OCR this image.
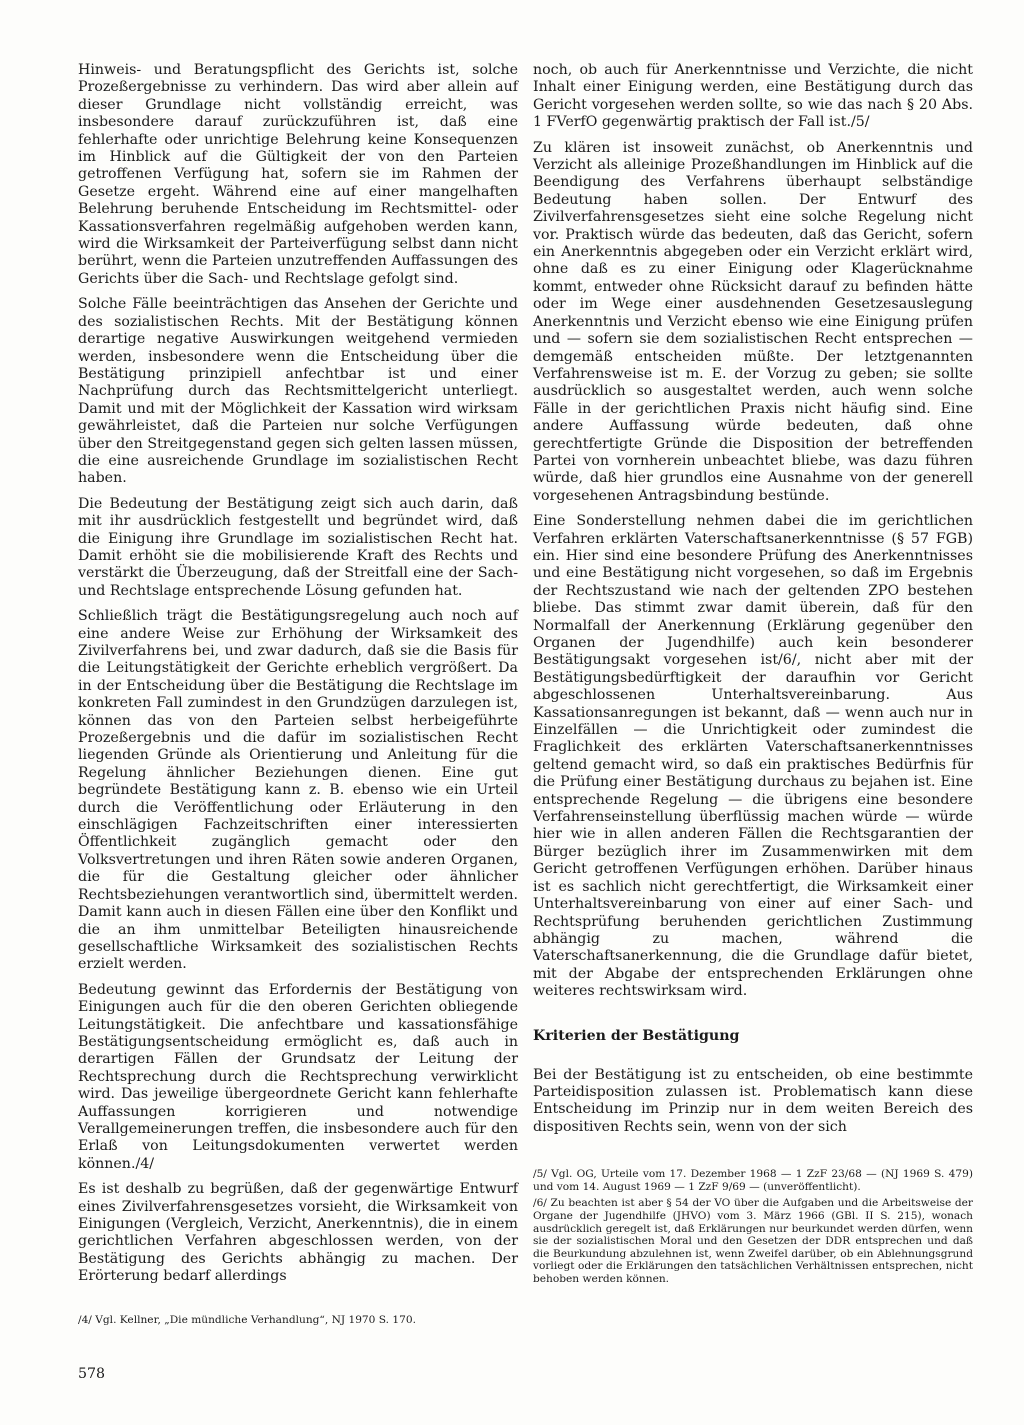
Hinweis- und Beratungspflicht des Gerichts ist, solche Prozeßergebnisse zu verhindern. Das wird aber allein auf dieser Grundlage nicht vollständig erreicht, was insbesondere darauf zurückzuführen ist, daß eine fehlerhafte oder unrichtige Belehrung keine Konsequenzen im Hinblick auf die Gültigkeit der von den Parteien getroffenen Verfügung hat, sofern sie im Rahmen der Gesetze ergeht. Während eine auf einer mangelhaften Belehrung beruhende Entscheidung im Rechtsmittel- oder Kassationsverfahren regelmäßig aufgehoben werden kann, wird die Wirksamkeit der Parteiverfügung selbst dann nicht berührt, wenn die Parteien unzutreffenden Auffassungen des Gerichts über die Sach- und Rechtslage gefolgt sind.

Solche Fälle beeinträchtigen das Ansehen der Gerichte und des sozialistischen Rechts. Mit der Bestätigung können derartige negative Auswirkungen weitgehend vermieden werden, insbesondere wenn die Entscheidung über die Bestätigung prinzipiell anfechtbar ist und einer Nachprüfung durch das Rechtsmittelgericht unterliegt. Damit und mit der Möglichkeit der Kassation wird wirksam gewährleistet, daß die Parteien nur solche Verfügungen über den Streitgegenstand gegen sich gelten lassen müssen, die eine ausreichende Grundlage im sozialistischen Recht haben.

Die Bedeutung der Bestätigung zeigt sich auch darin, daß mit ihr ausdrücklich festgestellt und begründet wird, daß die Einigung ihre Grundlage im sozialistischen Recht hat. Damit erhöht sie die mobilisierende Kraft des Rechts und verstärkt die Überzeugung, daß der Streitfall eine der Sach- und Rechtslage entsprechende Lösung gefunden hat.

Schließlich trägt die Bestätigungsregelung auch noch auf eine andere Weise zur Erhöhung der Wirksamkeit des Zivilverfahrens bei, und zwar dadurch, daß sie die Basis für die Leitungstätigkeit der Gerichte erheblich vergrößert. Da in der Entscheidung über die Bestätigung die Rechtslage im konkreten Fall zumindest in den Grundzügen darzulegen ist, können das von den Parteien selbst herbeigeführte Prozeßergebnis und die dafür im sozialistischen Recht liegenden Gründe als Orientierung und Anleitung für die Regelung ähnlicher Beziehungen dienen. Eine gut begründete Bestätigung kann z. B. ebenso wie ein Urteil durch die Veröffentlichung oder Erläuterung in den einschlägigen Fachzeitschriften einer interessierten Öffentlichkeit zugänglich gemacht oder den Volksvertretungen und ihren Räten sowie anderen Organen, die für die Gestaltung gleicher oder ähnlicher Rechtsbeziehungen verantwortlich sind, übermittelt werden. Damit kann auch in diesen Fällen eine über den Konflikt und die an ihm unmittelbar Beteiligten hinausreichende gesellschaftliche Wirksamkeit des sozialistischen Rechts erzielt werden.

Bedeutung gewinnt das Erfordernis der Bestätigung von Einigungen auch für die den oberen Gerichten obliegende Leitungstätigkeit. Die anfechtbare und kassationsfähige Bestätigungsentscheidung ermöglicht es, daß auch in derartigen Fällen der Grundsatz der Leitung der Rechtsprechung durch die Rechtsprechung verwirklicht wird. Das jeweilige übergeordnete Gericht kann fehlerhafte Auffassungen korrigieren und notwendige Verallgemeinerungen treffen, die insbesondere auch für den Erlaß von Leitungsdokumenten verwertet werden können./4/

Es ist deshalb zu begrüßen, daß der gegenwärtige Entwurf eines Zivilverfahrensgesetzes vorsieht, die Wirksamkeit von Einigungen (Vergleich, Verzicht, Anerkenntnis), die in einem gerichtlichen Verfahren abgeschlossen werden, von der Bestätigung des Gerichts abhängig zu machen. Der Erörterung bedarf allerdings

/4/ Vgl. Kellner, „Die mündliche Verhandlung“, NJ 1970 S. 170.

578

noch, ob auch für Anerkenntnisse und Verzichte, die nicht Inhalt einer Einigung werden, eine Bestätigung durch das Gericht vorgesehen werden sollte, so wie das nach § 20 Abs. 1 FVerfO gegenwärtig praktisch der Fall ist./5/

Zu klären ist insoweit zunächst, ob Anerkenntnis und Verzicht als alleinige Prozeßhandlungen im Hinblick auf die Beendigung des Verfahrens überhaupt selbständige Bedeutung haben sollen. Der Entwurf des Zivilverfahrensgesetzes sieht eine solche Regelung nicht vor. Praktisch würde das bedeuten, daß das Gericht, sofern ein Anerkenntnis abgegeben oder ein Verzicht erklärt wird, ohne daß es zu einer Einigung oder Klagerücknahme kommt, entweder ohne Rücksicht darauf zu befinden hätte oder im Wege einer ausdehnenden Gesetzesauslegung Anerkenntnis und Verzicht ebenso wie eine Einigung prüfen und — sofern sie dem sozialistischen Recht entsprechen — demgemäß entscheiden müßte. Der letztgenannten Verfahrensweise ist m. E. der Vorzug zu geben; sie sollte ausdrücklich so ausgestaltet werden, auch wenn solche Fälle in der gerichtlichen Praxis nicht häufig sind. Eine andere Auffassung würde bedeuten, daß ohne gerechtfertigte Gründe die Disposition der betreffenden Partei von vornherein unbeachtet bliebe, was dazu führen würde, daß hier grundlos eine Ausnahme von der generell vorgesehenen Antragsbindung bestünde.

Eine Sonderstellung nehmen dabei die im gerichtlichen Verfahren erklärten Vaterschaftsanerkenntnisse (§ 57 FGB) ein. Hier sind eine besondere Prüfung des Anerkenntnisses und eine Bestätigung nicht vorgesehen, so daß im Ergebnis der Rechtszustand wie nach der geltenden ZPO bestehen bliebe. Das stimmt zwar damit überein, daß für den Normalfall der Anerkennung (Erklärung gegenüber den Organen der Jugendhilfe) auch kein besonderer Bestätigungsakt vorgesehen ist/6/, nicht aber mit der Bestätigungsbedürftigkeit der daraufhin vor Gericht abgeschlossenen Unterhaltsvereinbarung. Aus Kassationsanregungen ist bekannt, daß — wenn auch nur in Einzelfällen — die Unrichtigkeit oder zumindest die Fraglichkeit des erklärten Vaterschaftsanerkenntnisses geltend gemacht wird, so daß ein praktisches Bedürfnis für die Prüfung einer Bestätigung durchaus zu bejahen ist. Eine entsprechende Regelung — die übrigens eine besondere Verfahrenseinstellung überflüssig machen würde — würde hier wie in allen anderen Fällen die Rechtsgarantien der Bürger bezüglich ihrer im Zusammenwirken mit dem Gericht getroffenen Verfügungen erhöhen. Darüber hinaus ist es sachlich nicht gerechtfertigt, die Wirksamkeit einer Unterhaltsvereinbarung von einer auf einer Sach- und Rechtsprüfung beruhenden gerichtlichen Zustimmung abhängig zu machen, während die Vaterschaftsanerkennung, die die Grundlage dafür bietet, mit der Abgabe der entsprechenden Erklärungen ohne weiteres rechtswirksam wird.

Kriterien der Bestätigung

Bei der Bestätigung ist zu entscheiden, ob eine bestimmte Parteidisposition zulassen ist. Problematisch kann diese Entscheidung im Prinzip nur in dem weiten Bereich des dispositiven Rechts sein, wenn von der sich

/5/ Vgl. OG, Urteile vom 17. Dezember 1968 — 1 ZzF 23/68 — (NJ 1969 S. 479) und vom 14. August 1969 — 1 ZzF 9/69 — (unveröffentlicht).

/6/ Zu beachten ist aber § 54 der VO über die Aufgaben und die Arbeitsweise der Organe der Jugendhilfe (JHVO) vom 3. März 1966 (GBl. II S. 215), wonach ausdrücklich geregelt ist, daß Erklärungen nur beurkundet werden dürfen, wenn sie der sozialistischen Moral und den Gesetzen der DDR entsprechen und daß die Beurkundung abzulehnen ist, wenn Zweifel darüber, ob ein Ablehnungsgrund vorliegt oder die Erklärungen den tatsächlichen Verhältnissen entsprechen, nicht behoben werden können.
